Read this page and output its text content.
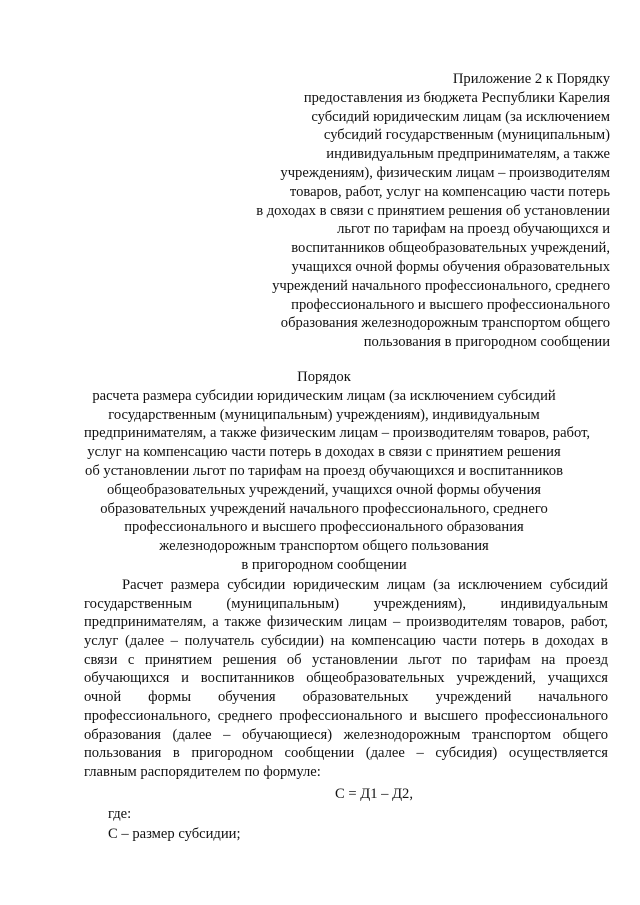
Приложение 2 к Порядку
предоставления из бюджета Республики Карелия
субсидий юридическим лицам (за исключением
субсидий государственным (муниципальным)
индивидуальным предпринимателям, а также
учреждениям), физическим лицам – производителям
товаров, работ, услуг на компенсацию части потерь
в доходах в связи с принятием решения об установлении
льгот по тарифам на проезд обучающихся и
воспитанников общеобразовательных учреждений,
учащихся очной формы обучения образовательных
учреждений начального профессионального, среднего
профессионального и высшего профессионального
образования железнодорожным транспортом общего
пользования в пригородном сообщении
Порядок
расчета размера субсидии юридическим лицам (за исключением субсидий
государственным (муниципальным) учреждениям), индивидуальным
предпринимателям, а также физическим лицам – производителям товаров, работ,
услуг на компенсацию части потерь в доходах в связи с принятием решения
об установлении льгот по тарифам на проезд обучающихся и воспитанников
общеобразовательных учреждений, учащихся очной формы обучения
образовательных учреждений начального профессионального, среднего
профессионального и высшего профессионального образования
железнодорожным транспортом общего пользования
в пригородном сообщении
Расчет размера субсидии юридическим лицам (за исключением субсидий
государственным (муниципальным) учреждениям), индивидуальным
предпринимателям, а также физическим лицам – производителям товаров, работ,
услуг (далее – получатель субсидии) на компенсацию части потерь в доходах в
связи с принятием решения об установлении льгот по тарифам на проезд
обучающихся и воспитанников общеобразовательных учреждений, учащихся
очной формы обучения образовательных учреждений начального
профессионального, среднего профессионального и высшего профессионального
образования (далее – обучающиеся) железнодорожным транспортом общего
пользования в пригородном сообщении (далее – субсидия) осуществляется
главным распорядителем по формуле:
С = Д1 – Д2,
где:
С – размер субсидии;
